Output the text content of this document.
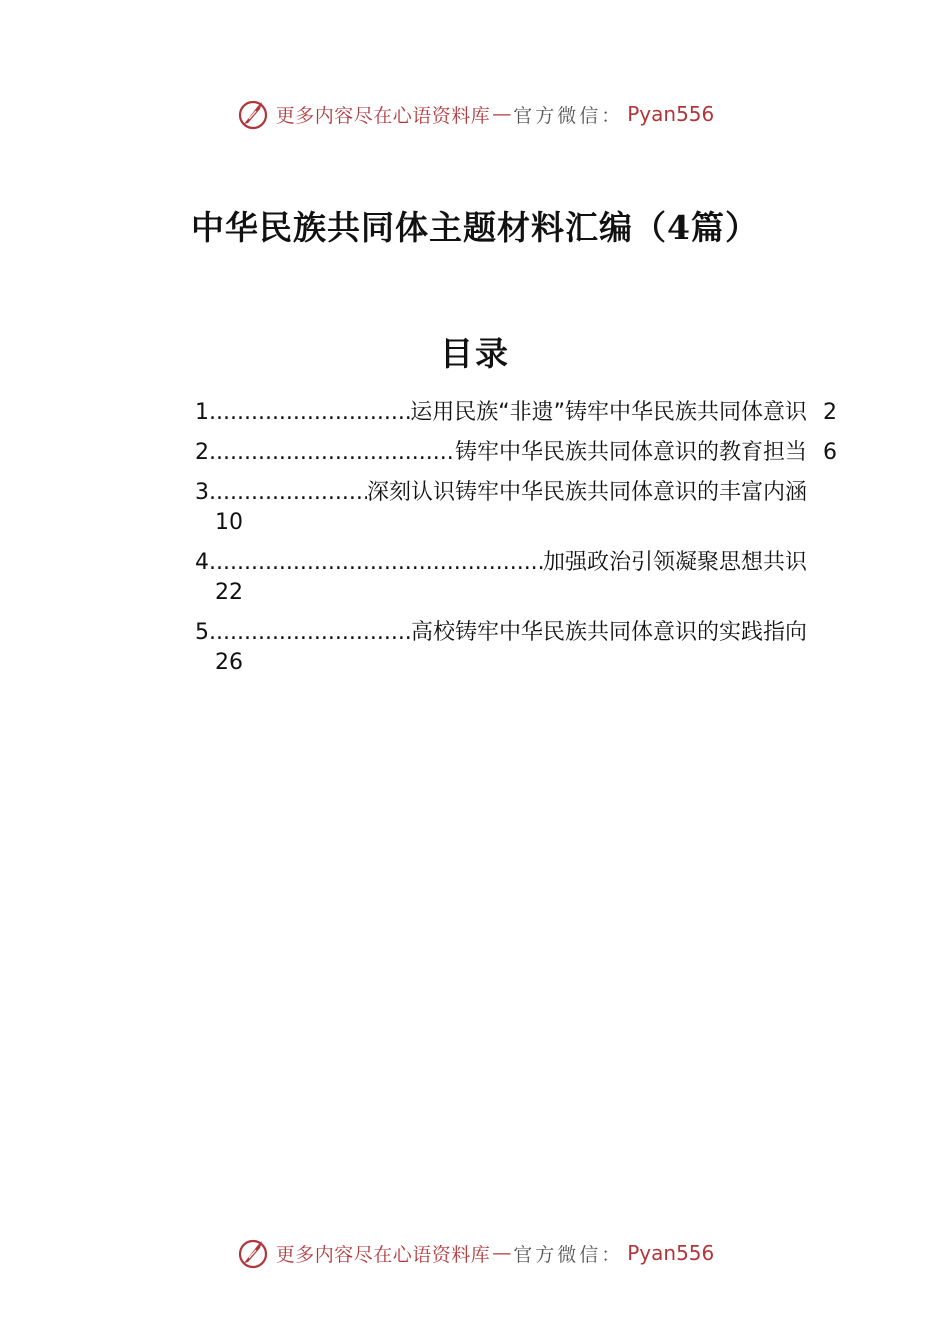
更多内容尽在心语资料库 — 官方微信： Pyan556
中华民族共同体主题材料汇编（4篇）
目录
1 .....	运用民族“非遗”铸牢中华民族共同体意识 2
2 .....	铸牢中华民族共同体意识的教育担当 6
3 .....	深刻认识铸牢中华民族共同体意识的丰富内涵
10
4 .....	加强政治引领凝聚思想共识
22
5 .....	高校铸牢中华民族共同体意识的实践指向
26
更多内容尽在心语资料库 — 官方微信： Pyan556
